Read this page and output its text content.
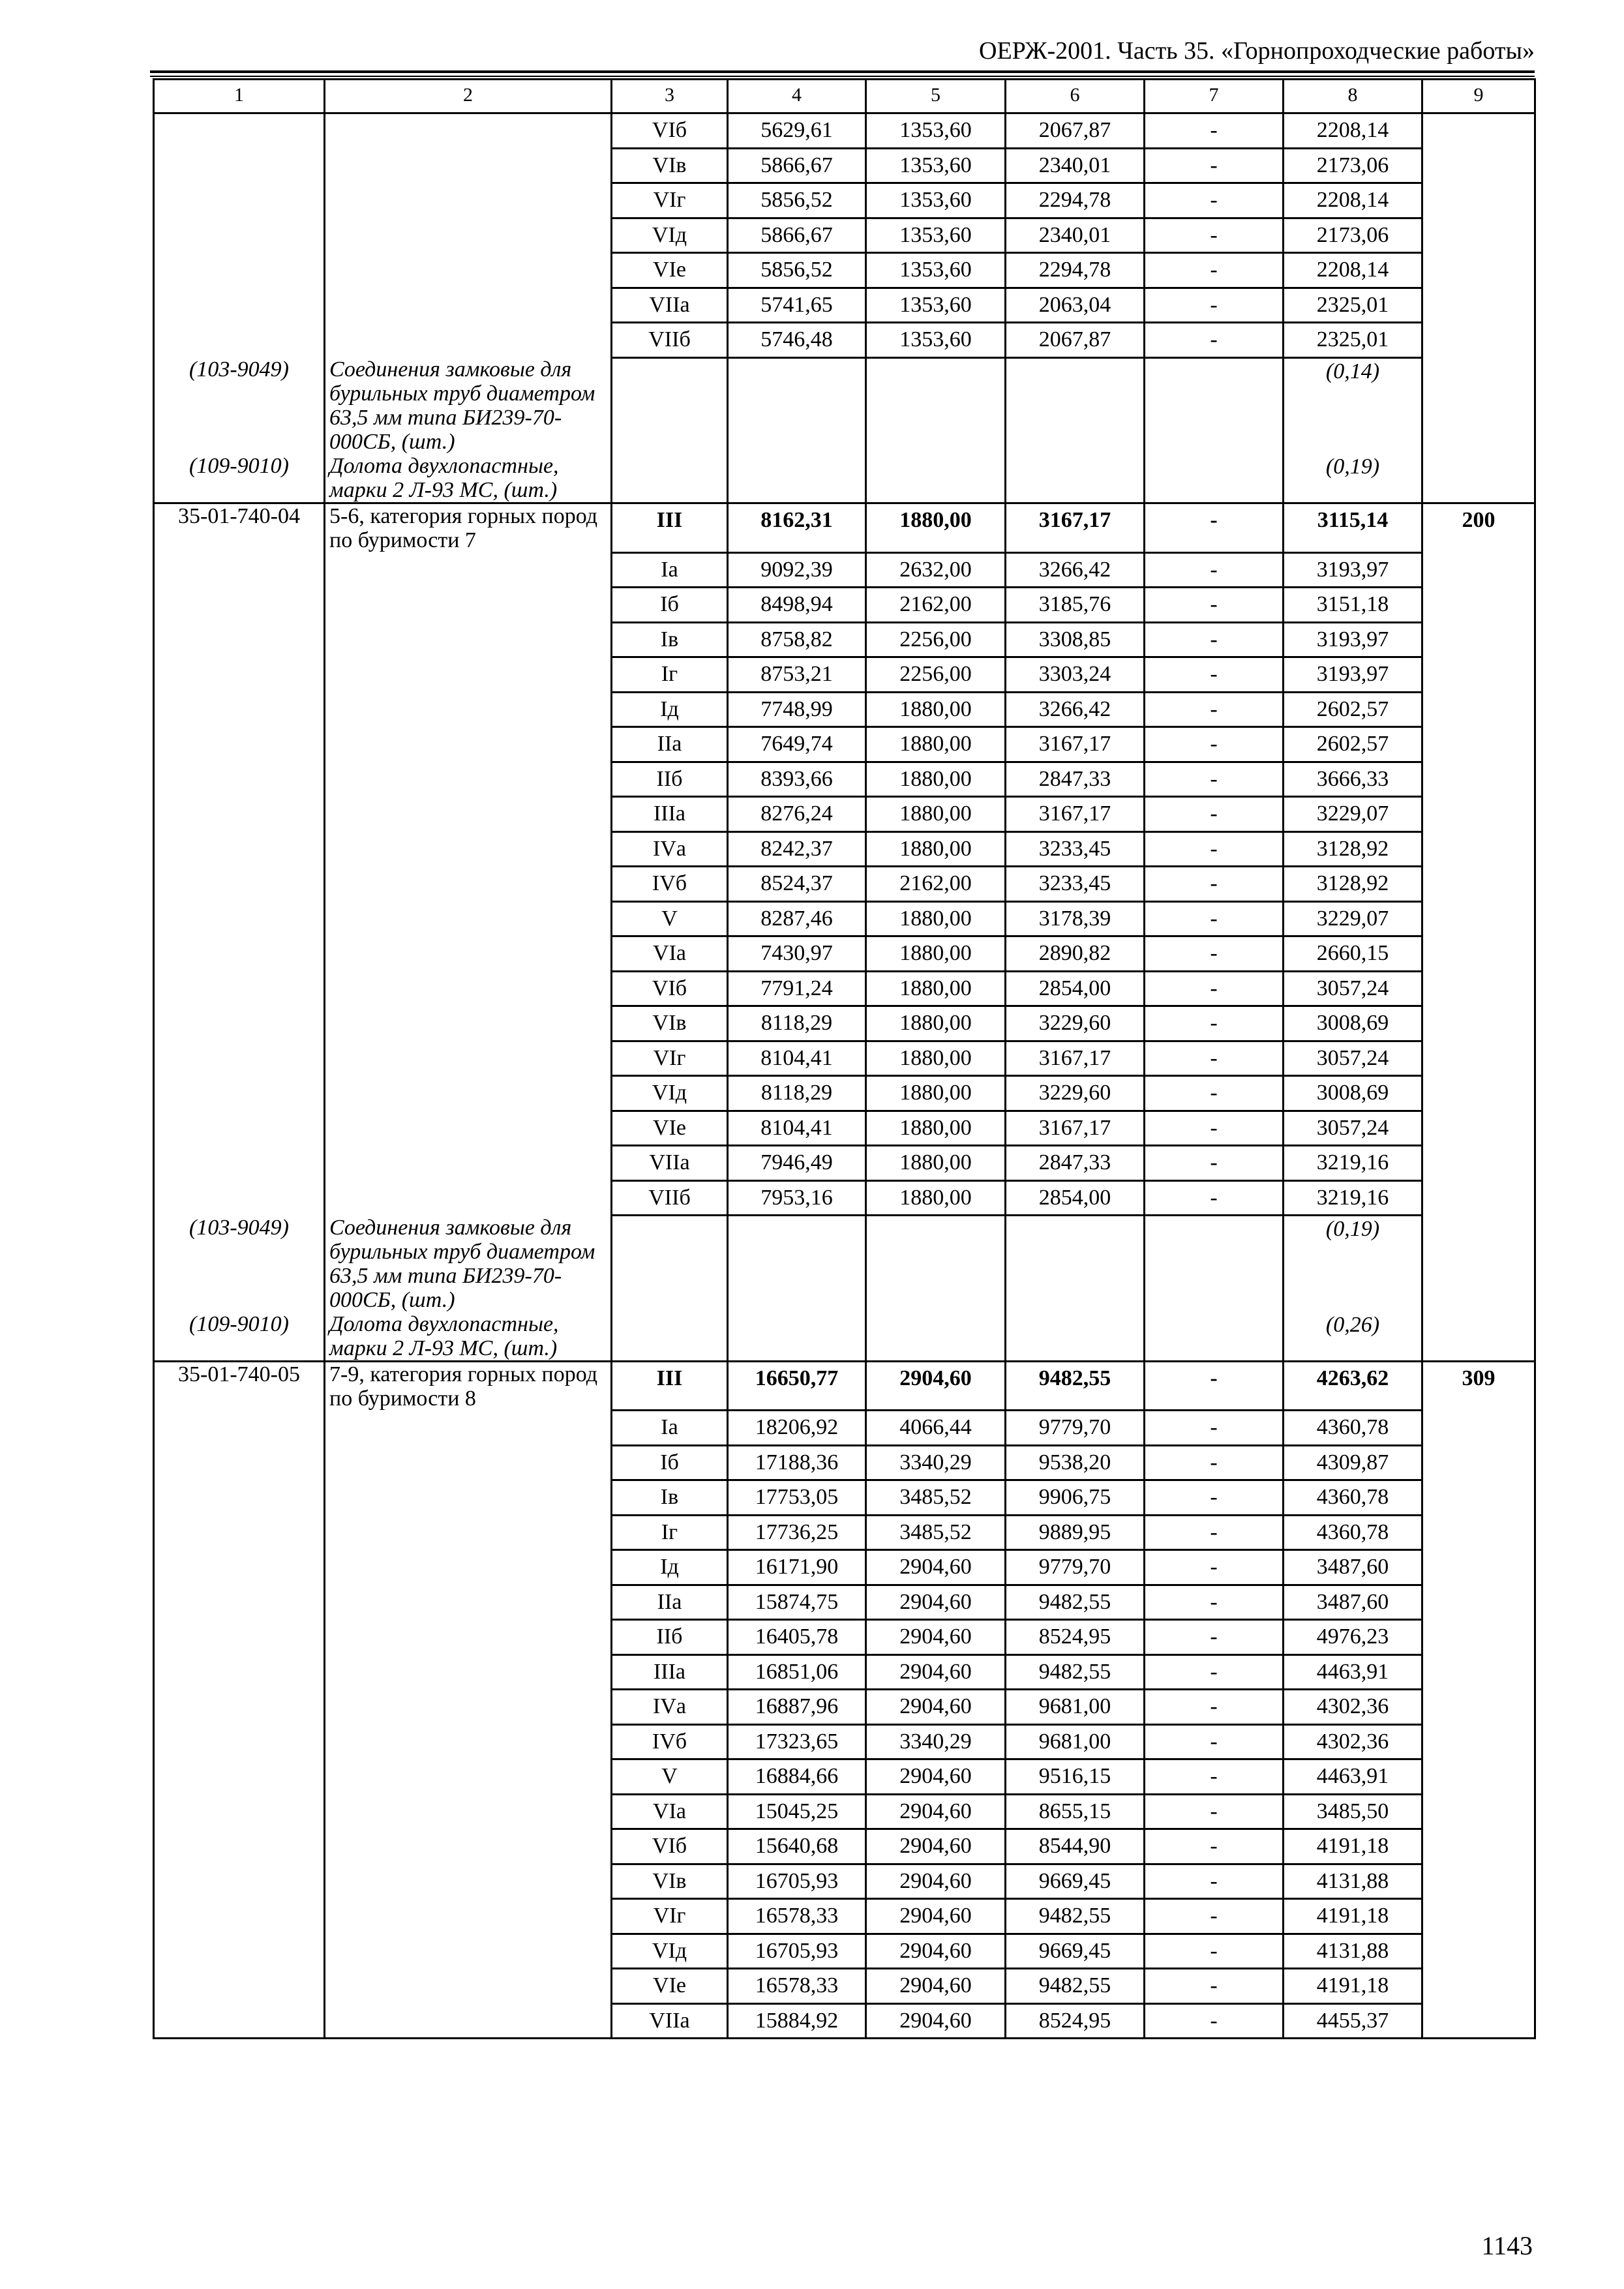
ОЕРЖ-2001. Часть 35. «Горнопроходческие работы»
1	2	3	4	5	6	7	8	9
		VIб	5629,61	1353,60	2067,87	-	2208,14	
		VIв	5866,67	1353,60	2340,01	-	2173,06	
		VIг	5856,52	1353,60	2294,78	-	2208,14	
		VIд	5866,67	1353,60	2340,01	-	2173,06	
		VIе	5856,52	1353,60	2294,78	-	2208,14	
		VIIа	5741,65	1353,60	2063,04	-	2325,01	
		VIIб	5746,48	1353,60	2067,87	-	2325,01	
(103-9049)	Соединения замковые для бурильных труб диаметром 63,5 мм типа БИ239-70-000СБ, (шт.)						(0,14)	
(109-9010)	Долота двухлопастные, марки 2 Л-93 МС, (шт.)						(0,19)	
35-01-740-04	5-6, категория горных пород по буримости 7	III	8162,31	1880,00	3167,17	-	3115,14	200
		Iа	9092,39	2632,00	3266,42	-	3193,97	
		Iб	8498,94	2162,00	3185,76	-	3151,18	
		Iв	8758,82	2256,00	3308,85	-	3193,97	
		Iг	8753,21	2256,00	3303,24	-	3193,97	
		Iд	7748,99	1880,00	3266,42	-	2602,57	
		IIа	7649,74	1880,00	3167,17	-	2602,57	
		IIб	8393,66	1880,00	2847,33	-	3666,33	
		IIIа	8276,24	1880,00	3167,17	-	3229,07	
		IVа	8242,37	1880,00	3233,45	-	3128,92	
		IVб	8524,37	2162,00	3233,45	-	3128,92	
		V	8287,46	1880,00	3178,39	-	3229,07	
		VIа	7430,97	1880,00	2890,82	-	2660,15	
		VIб	7791,24	1880,00	2854,00	-	3057,24	
		VIв	8118,29	1880,00	3229,60	-	3008,69	
		VIг	8104,41	1880,00	3167,17	-	3057,24	
		VIд	8118,29	1880,00	3229,60	-	3008,69	
		VIе	8104,41	1880,00	3167,17	-	3057,24	
		VIIа	7946,49	1880,00	2847,33	-	3219,16	
		VIIб	7953,16	1880,00	2854,00	-	3219,16	
(103-9049)	Соединения замковые для бурильных труб диаметром 63,5 мм типа БИ239-70-000СБ, (шт.)						(0,19)	
(109-9010)	Долота двухлопастные, марки 2 Л-93 МС, (шт.)						(0,26)	
35-01-740-05	7-9, категория горных пород по буримости 8	III	16650,77	2904,60	9482,55	-	4263,62	309
		Iа	18206,92	4066,44	9779,70	-	4360,78	
		Iб	17188,36	3340,29	9538,20	-	4309,87	
		Iв	17753,05	3485,52	9906,75	-	4360,78	
		Iг	17736,25	3485,52	9889,95	-	4360,78	
		Iд	16171,90	2904,60	9779,70	-	3487,60	
		IIа	15874,75	2904,60	9482,55	-	3487,60	
		IIб	16405,78	2904,60	8524,95	-	4976,23	
		IIIа	16851,06	2904,60	9482,55	-	4463,91	
		IVа	16887,96	2904,60	9681,00	-	4302,36	
		IVб	17323,65	3340,29	9681,00	-	4302,36	
		V	16884,66	2904,60	9516,15	-	4463,91	
		VIа	15045,25	2904,60	8655,15	-	3485,50	
		VIб	15640,68	2904,60	8544,90	-	4191,18	
		VIв	16705,93	2904,60	9669,45	-	4131,88	
		VIг	16578,33	2904,60	9482,55	-	4191,18	
		VIд	16705,93	2904,60	9669,45	-	4131,88	
		VIе	16578,33	2904,60	9482,55	-	4191,18	
		VIIа	15884,92	2904,60	8524,95	-	4455,37	
1143
